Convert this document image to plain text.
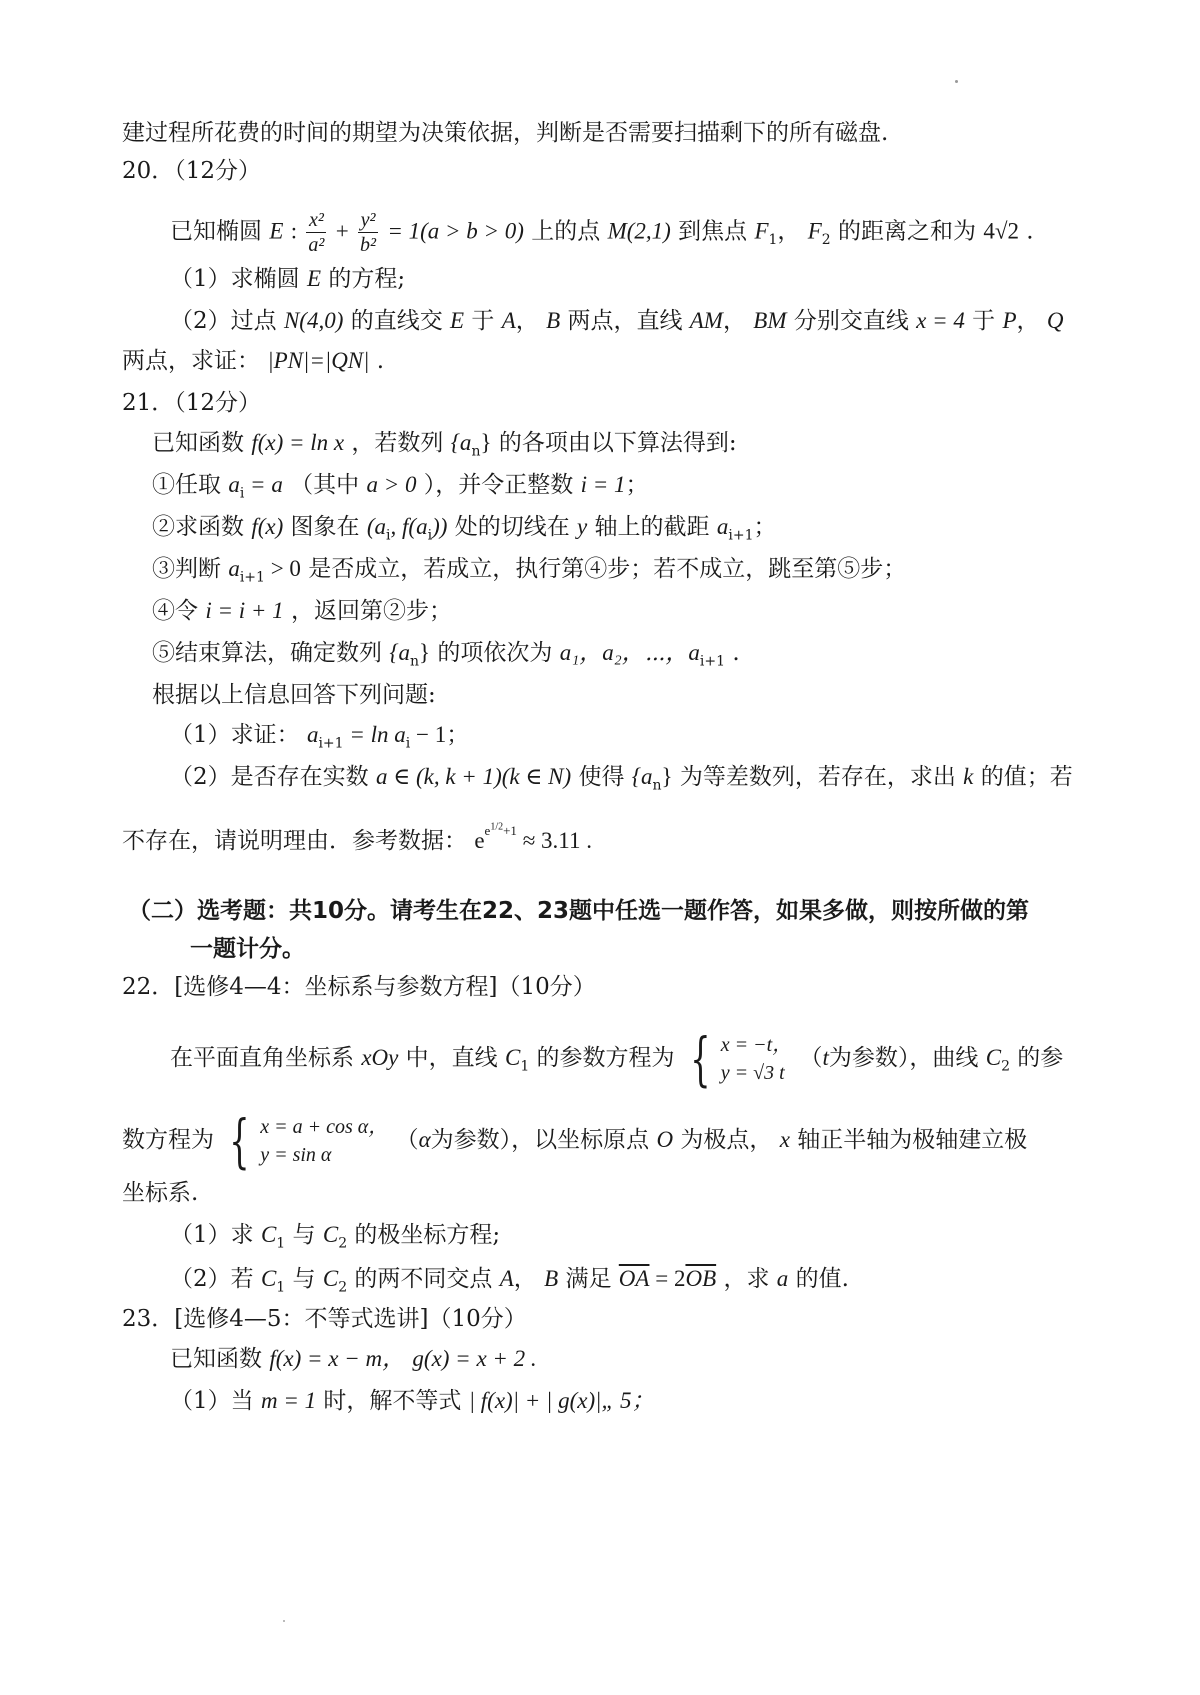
建过程所花费的时间的期望为决策依据，判断是否需要扫描剩下的所有磁盘.
20．（12分）
已知椭圆 E : $\frac{\text{x²}}{\text{a²}} + \frac{\text{y²}}{\text{b²}} = 1(a > b > 0)$ 上的点 M(2,1) 到焦点 $F_1$， $F_2$ 的距离之和为 4√2 .
（1）求椭圆 E 的方程;
（2）过点 N(4,0) 的直线交 E 于 A， B 两点，直线 AM， BM 分别交直线 x = 4 于 P， Q
两点，求证： |PN|=|QN| .
21．（12分）
已知函数 f(x) = ln x ，若数列 $\{a_n\}$ 的各项由以下算法得到:
①任取 $a_i = a$ （其中 a > 0 ），并令正整数 i = 1；
②求函数 f(x) 图象在 ($a_i$, $f(a_i)$) 处的切线在 y 轴上的截距 $a_{i+1}$；
③判断 $a_{i+1} > 0$ 是否成立，若成立，执行第④步；若不成立，跳至第⑤步；
④令 i = i + 1 ，返回第②步；
⑤结束算法，确定数列 $\{a_n\}$ 的项依次为 a₁，a₂，⋯，$a_{i+1}$ .
根据以上信息回答下列问题:
（1）求证： $a_{i+1} = \ln a_i - 1$；
（2）是否存在实数 a ∈ (k, k + 1)(k ∈ N) 使得 $\{a_n\}$ 为等差数列，若存在，求出 k 的值；若
不存在，请说明理由．参考数据： $e^{e^{1/2}+1} \approx 3.11$ .
（二）选考题：共10分。请考生在22、23题中任选一题作答，如果多做，则按所做的第
一题计分。
22．[选修4—4：坐标系与参数方程]（10分）
在平面直角坐标系 xOy 中，直线 $C_1$ 的参数方程为 { x = −t，
y = √3 t
（t为参数），曲线 $C_2$ 的参
数方程为 { x = a + cos α，
y = sin α
（α为参数），以坐标原点 O 为极点， x 轴正半轴为极轴建立极
坐标系.
（1）求 $C_1$ 与 $C_2$ 的极坐标方程;
（2）若 $C_1$ 与 $C_2$ 的两不同交点 A， B 满足 $\overline{OA} = 2\overline{OB}$ ，求 a 的值.
23．[选修4—5：不等式选讲]（10分）
已知函数 f(x) = x − m， g(x) = x + 2 .
（1）当 m = 1 时，解不等式 | f(x)| + | g(x)|„ 5；
